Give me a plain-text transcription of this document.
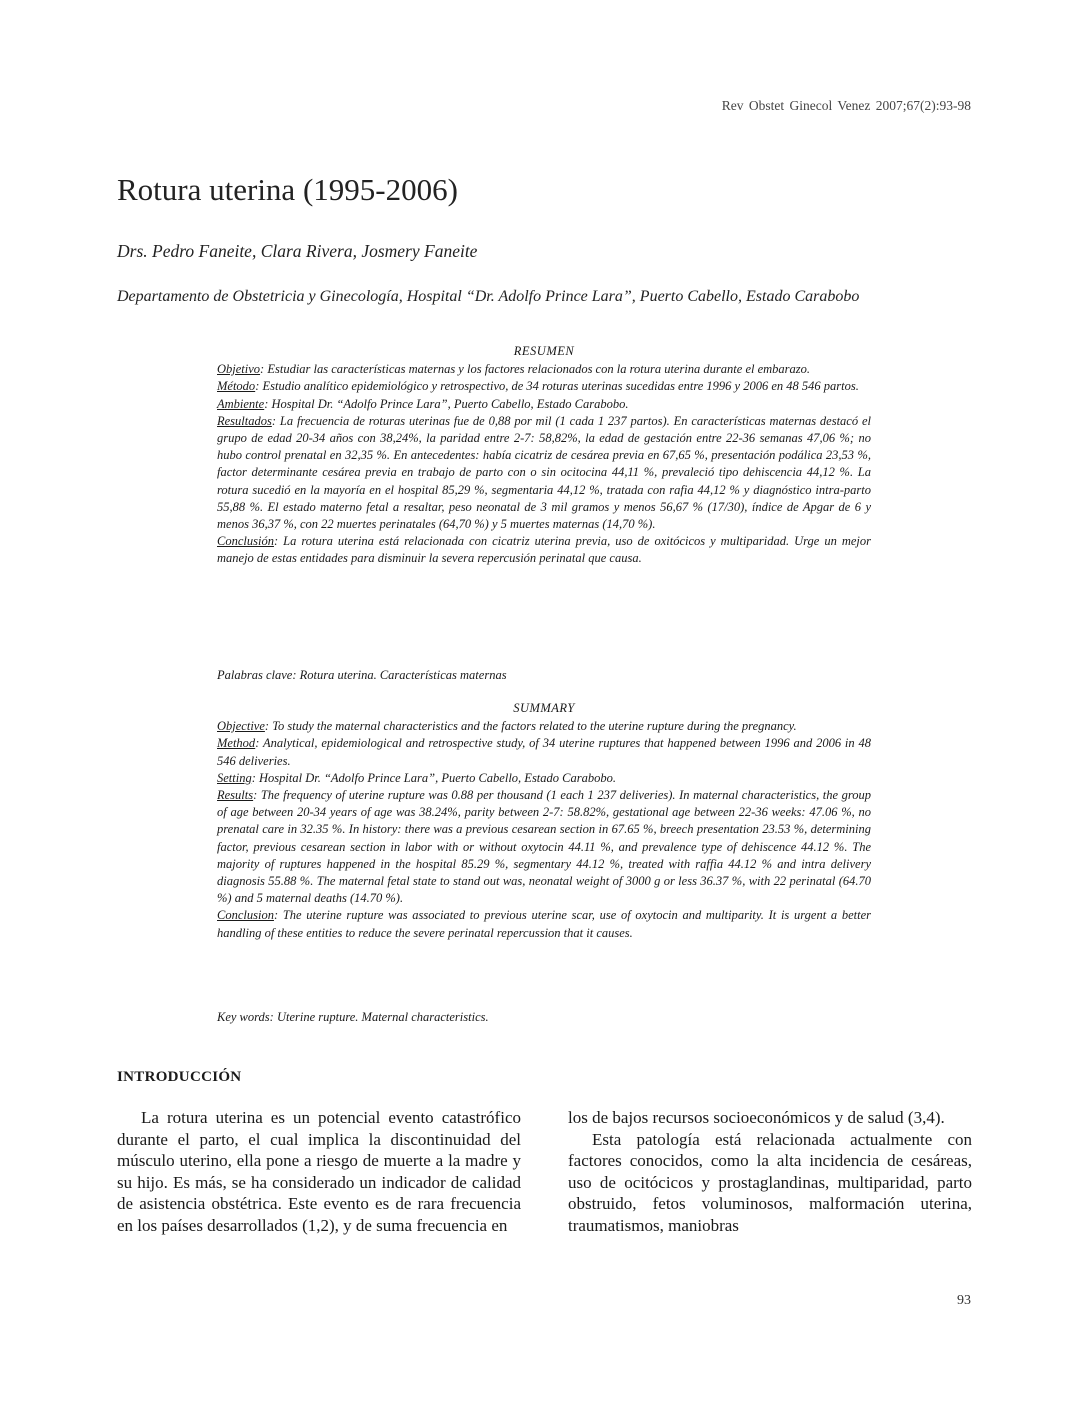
Rev Obstet Ginecol Venez 2007;67(2):93-98
Rotura uterina (1995-2006)
Drs. Pedro Faneite, Clara Rivera, Josmery Faneite
Departamento de Obstetricia y Ginecología, Hospital “Dr. Adolfo Prince Lara”, Puerto Cabello, Estado Carabobo
RESUMEN

Objetivo: Estudiar las características maternas y los factores relacionados con la rotura uterina durante el embarazo.

Método: Estudio analítico epidemiológico y retrospectivo, de 34 roturas uterinas sucedidas entre 1996 y 2006 en 48 546 partos.

Ambiente: Hospital Dr. “Adolfo Prince Lara”, Puerto Cabello, Estado Carabobo.

Resultados: La frecuencia de roturas uterinas fue de 0,88 por mil (1 cada 1 237 partos). En características maternas destacó el grupo de edad 20-34 años con 38,24%, la paridad entre 2-7: 58,82%, la edad de gestación entre 22-36 semanas 47,06 %; no hubo control prenatal en 32,35 %. En antecedentes: había cicatriz de cesárea previa en 67,65 %, presentación podálica 23,53 %, factor determinante cesárea previa en trabajo de parto con o sin ocitocina 44,11 %, prevaleció tipo dehiscencia 44,12 %. La rotura sucedió en la mayoría en el hospital 85,29 %, segmentaria 44,12 %, tratada con rafia 44,12 % y diagnóstico intra-parto 55,88 %. El estado materno fetal a resaltar, peso neonatal de 3 mil gramos y menos 56,67 % (17/30), índice de Apgar de 6 y menos 36,37 %, con 22 muertes perinatales (64,70 %) y 5 muertes maternas (14,70 %).

Conclusión: La rotura uterina está relacionada con cicatriz uterina previa, uso de oxitócicos y multiparidad. Urge un mejor manejo de estas entidades para disminuir la severa repercusión perinatal que causa.

Palabras clave: Rotura uterina. Características maternas
SUMMARY

Objective: To study the maternal characteristics and the factors related to the uterine rupture during the pregnancy.

Method: Analytical, epidemiological and retrospective study, of 34 uterine ruptures that happened between 1996 and 2006 in 48 546 deliveries.

Setting: Hospital Dr. “Adolfo Prince Lara”, Puerto Cabello, Estado Carabobo.

Results: The frequency of uterine rupture was 0.88 per thousand (1 each 1 237 deliveries). In maternal characteristics, the group of age between 20-34 years of age was 38.24%, parity between 2-7: 58.82%, gestational age between 22-36 weeks: 47.06 %, no prenatal care in 32.35 %. In history: there was a previous cesarean section in 67.65 %, breech presentation 23.53 %, determining factor, previous cesarean section in labor with or without oxytocin 44.11 %, and prevalence type of dehiscence 44.12 %. The majority of ruptures happened in the hospital 85.29 %, segmentary 44.12 %, treated with raffia 44.12 % and intra delivery diagnosis 55.88 %. The maternal fetal state to stand out was, neonatal weight of 3000 g or less 36.37 %, with 22 perinatal (64.70 %) and 5 maternal deaths (14.70 %).

Conclusion: The uterine rupture was associated to previous uterine scar, use of oxytocin and multiparity. It is urgent a better handling of these entities to reduce the severe perinatal repercussion that it causes.

Key words: Uterine rupture. Maternal characteristics.
INTRODUCCIÓN

La rotura uterina es un potencial evento catastrófico durante el parto, el cual implica la discontinuidad del músculo uterino, ella pone a riesgo de muerte a la madre y su hijo. Es más, se ha considerado un indicador de calidad de asistencia obstétrica. Este evento es de rara frecuencia en los países desarrollados (1,2), y de suma frecuencia en

los de bajos recursos socioeconómicos y de salud (3,4).

Esta patología está relacionada actualmente con factores conocidos, como la alta incidencia de cesáreas, uso de ocitócicos y prostaglandinas, multiparidad, parto obstruido, fetos voluminosos, malformación uterina, traumatismos, maniobras

93
